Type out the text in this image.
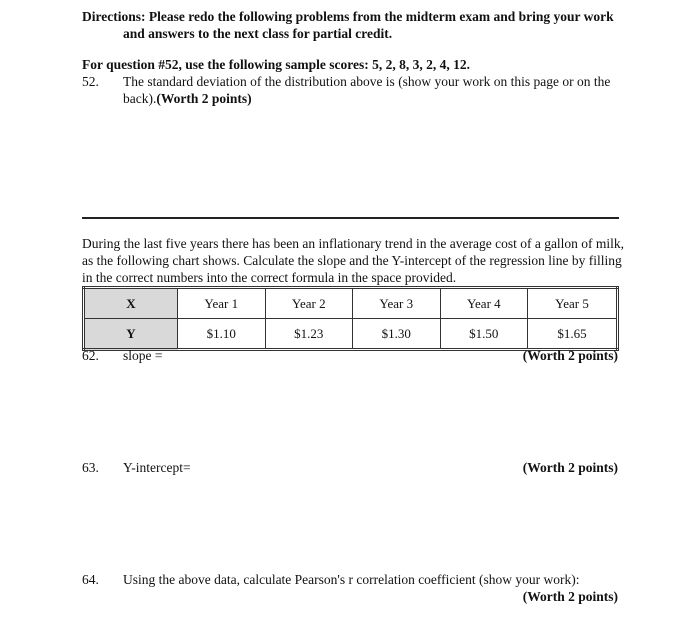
Directions: Please redo the following problems from the midterm exam and bring your work
and answers to the next class for partial credit.
For question #52, use the following sample scores: 5, 2, 8, 3, 2, 4, 12.
52. The standard deviation of the distribution above is (show your work on this page or on the
back).(Worth 2 points)
During the last five years there has been an inflationary trend in the average cost of a gallon of milk,
as the following chart shows. Calculate the slope and the Y-intercept of the regression line by filling
in the correct numbers into the correct formula in the space provided.
X	Year 1	Year 2	Year 3	Year 4	Year 5
Y	$1.10	$1.23	$1.30	$1.50	$1.65
62. slope =	(Worth 2 points)
63. Y-intercept=	(Worth 2 points)
64. Using the above data, calculate Pearson's r correlation coefficient (show your work):
(Worth 2 points)
